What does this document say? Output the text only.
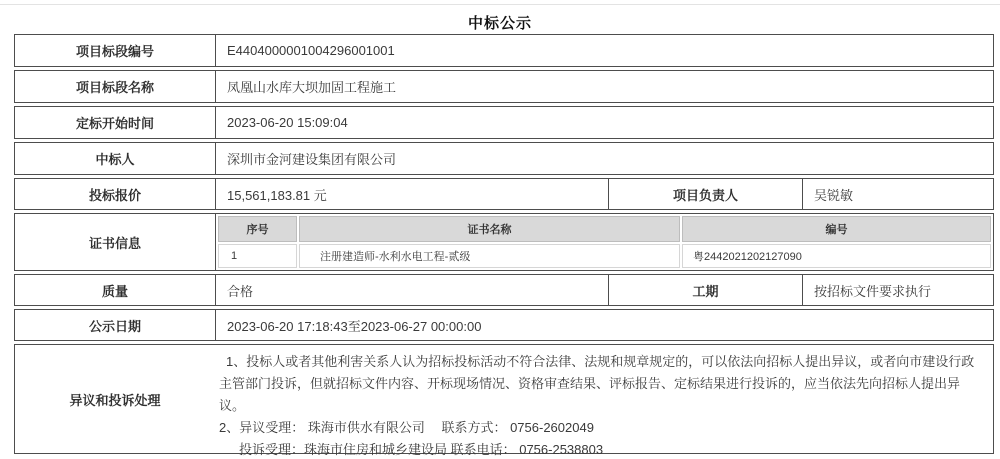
中标公示
项目标段编号	E4404000001004296001001
项目标段名称	凤凰山水库大坝加固工程施工
定标开始时间	2023-06-20 15:09:04
中标人	深圳市金河建设集团有限公司
投标报价	15,561,183.81 元	项目负责人	吴锐敏
证书信息
序号	证书名称	编号
1	注册建造师-水利水电工程-贰级	粤2442021202127090
质量	合格	工期	按招标文件要求执行
公示日期	2023-06-20 17:18:43至2023-06-27 00:00:00
异议和投诉处理
1、投标人或者其他利害关系人认为招标投标活动不符合法律、法规和规章规定的，可以依法向招标人提出异议，或者向市建设行政主管部门投诉，但就招标文件内容、开标现场情况、资格审查结果、评标报告、定标结果进行投诉的，应当依法先向招标人提出异议。
2、异议受理： 珠海市供水有限公司　 联系方式： 0756-2602049
投诉受理：珠海市住房和城乡建设局 联系电话： 0756-2538803
